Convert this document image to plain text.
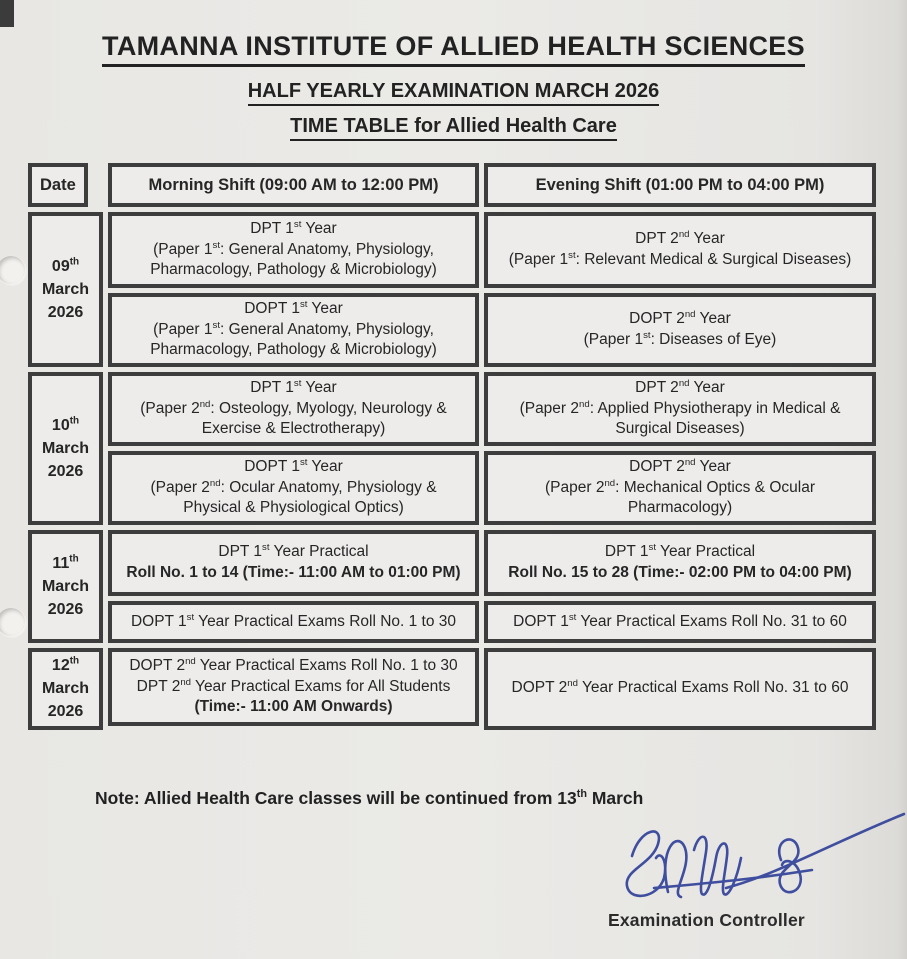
TAMANNA INSTITUTE OF ALLIED HEALTH SCIENCES
HALF YEARLY EXAMINATION MARCH 2026
TIME TABLE for Allied Health Care
Date	Morning Shift (09:00 AM to 12:00 PM)	Evening Shift (01:00 PM to 04:00 PM)
09th
March
2026
DPT 1st Year
(Paper 1st: General Anatomy, Physiology, Pharmacology, Pathology & Microbiology)
DOPT 1st Year
(Paper 1st: General Anatomy, Physiology, Pharmacology, Pathology & Microbiology)
DPT 2nd Year
(Paper 1st: Relevant Medical & Surgical Diseases)
DOPT 2nd Year
(Paper 1st: Diseases of Eye)
10th
March
2026
DPT 1st Year
(Paper 2nd: Osteology, Myology, Neurology & Exercise & Electrotherapy)
DOPT 1st Year
(Paper 2nd: Ocular Anatomy, Physiology & Physical & Physiological Optics)
DPT 2nd Year
(Paper 2nd: Applied Physiotherapy in Medical & Surgical Diseases)
DOPT 2nd Year
(Paper 2nd: Mechanical Optics & Ocular Pharmacology)
11th
March
2026
DPT 1st Year Practical
Roll No. 1 to 14 (Time:- 11:00 AM to 01:00 PM)
DOPT 1st Year Practical Exams Roll No. 1 to 30
DPT 1st Year Practical
Roll No. 15 to 28 (Time:- 02:00 PM to 04:00 PM)
DOPT 1st Year Practical Exams Roll No. 31 to 60
12th
March
2026
DOPT 2nd Year Practical Exams Roll No. 1 to 30
DPT 2nd Year Practical Exams for All Students
(Time:- 11:00 AM Onwards)
DOPT 2nd Year Practical Exams Roll No. 31 to 60
Note: Allied Health Care classes will be continued from 13th March
Examination Controller
